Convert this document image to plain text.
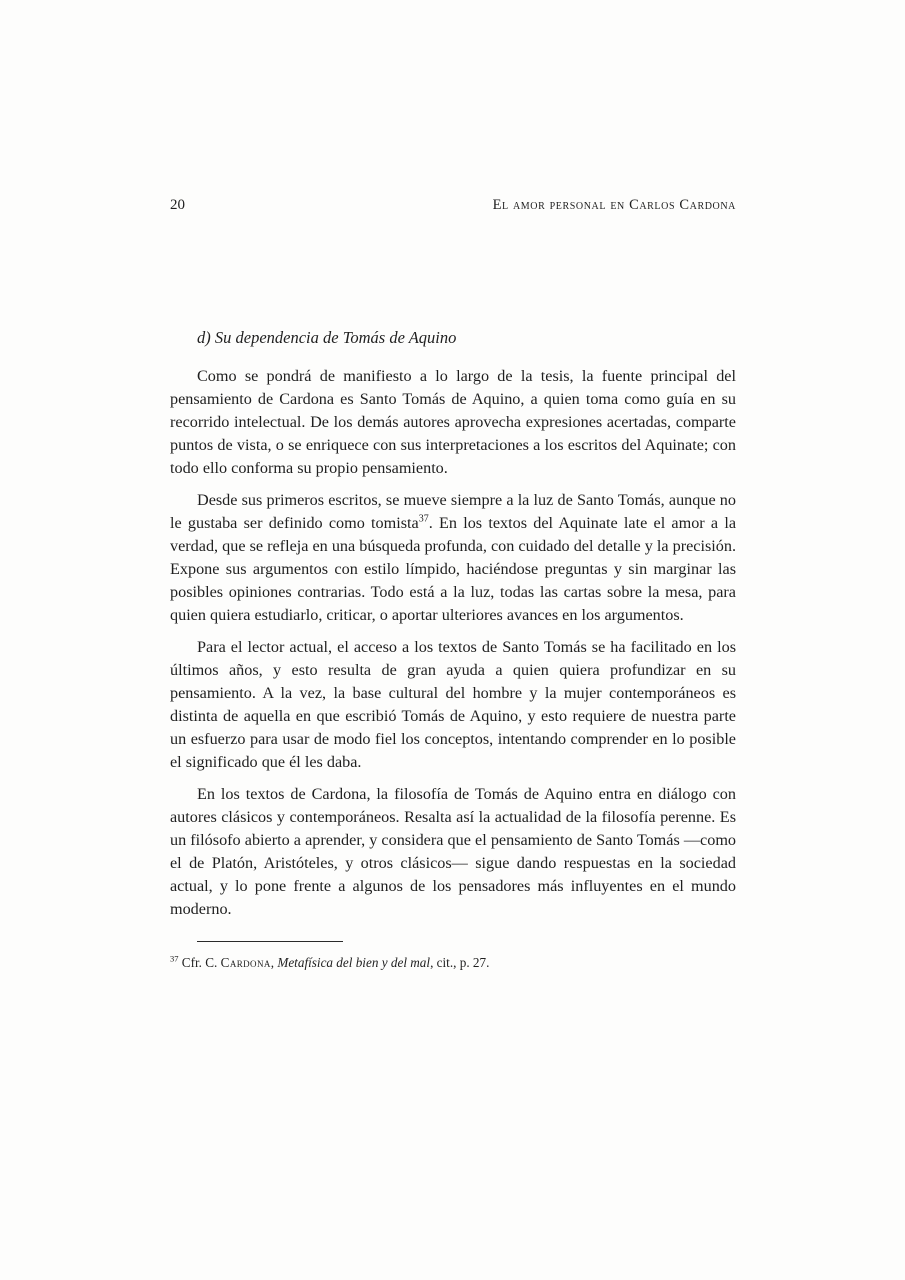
20	El amor personal en Carlos Cardona
d) Su dependencia de Tomás de Aquino

Como se pondrá de manifiesto a lo largo de la tesis, la fuente principal del pensamiento de Cardona es Santo Tomás de Aquino, a quien toma como guía en su recorrido intelectual. De los demás autores aprovecha expresiones acertadas, comparte puntos de vista, o se enriquece con sus interpretaciones a los escritos del Aquinate; con todo ello conforma su propio pensamiento.

Desde sus primeros escritos, se mueve siempre a la luz de Santo Tomás, aunque no le gustaba ser definido como tomista$^{37}$. En los textos del Aquinate late el amor a la verdad, que se refleja en una búsqueda profunda, con cuidado del detalle y la precisión. Expone sus argumentos con estilo límpido, haciéndose preguntas y sin marginar las posibles opiniones contrarias. Todo está a la luz, todas las cartas sobre la mesa, para quien quiera estudiarlo, criticar, o aportar ulteriores avances en los argumentos.

Para el lector actual, el acceso a los textos de Santo Tomás se ha facilitado en los últimos años, y esto resulta de gran ayuda a quien quiera profundizar en su pensamiento. A la vez, la base cultural del hombre y la mujer contemporáneos es distinta de aquella en que escribió Tomás de Aquino, y esto requiere de nuestra parte un esfuerzo para usar de modo fiel los conceptos, intentando comprender en lo posible el significado que él les daba.

En los textos de Cardona, la filosofía de Tomás de Aquino entra en diálogo con autores clásicos y contemporáneos. Resalta así la actualidad de la filosofía perenne. Es un filósofo abierto a aprender, y considera que el pensamiento de Santo Tomás —como el de Platón, Aristóteles, y otros clásicos— sigue dando respuestas en la sociedad actual, y lo pone frente a algunos de los pensadores más influyentes en el mundo moderno.

$^{37}$ Cfr. C. Cardona, Metafísica del bien y del mal, cit., p. 27.
